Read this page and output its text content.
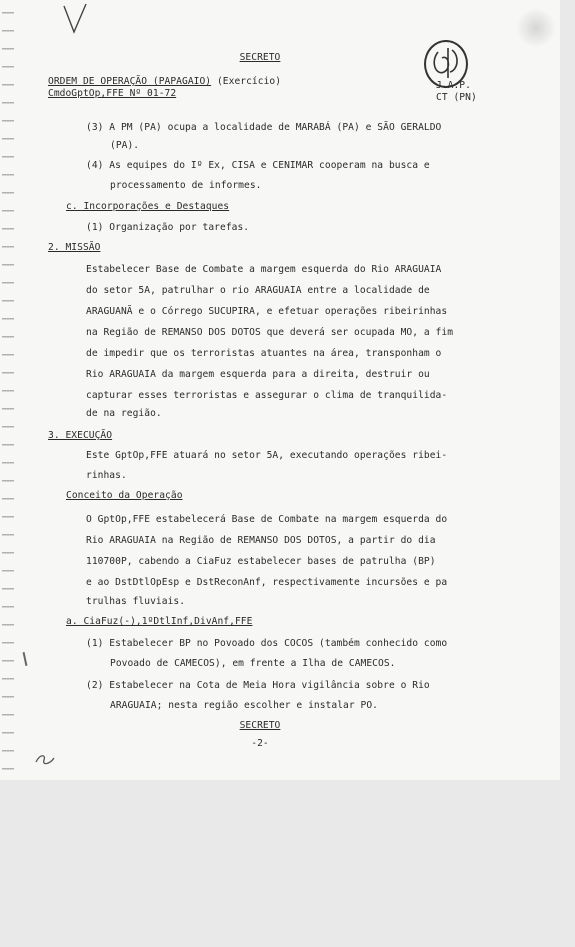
SECRETO
ORDEM DE OPERAÇÃO (PAPAGAIO) (Exercício)
CmdoGptOp,FFE Nº 01-72
J.A.P.
CT (PN)
(3) A PM (PA) ocupa a localidade de MARABÁ (PA) e SÃO GERALDO
(PA).
(4) As equipes do Iº Ex, CISA e CENIMAR cooperam na busca e
processamento de informes.
c. Incorporações e Destaques
(1) Organização por tarefas.
2. MISSÃO
Estabelecer Base de Combate a margem esquerda do Rio ARAGUAIA
do setor 5A, patrulhar o rio ARAGUAIA entre a localidade de
ARAGUANÃ e o Córrego SUCUPIRA, e efetuar operações ribeirinhas
na Região de REMANSO DOS DOTOS que deverá ser ocupada MO, a fim
de impedir que os terroristas atuantes na área, transponham o
Rio ARAGUAIA da margem esquerda para a direita, destruir ou
capturar esses terroristas e assegurar o clima de tranquilida-
de na região.
3. EXECUÇÃO
Este GptOp,FFE atuará no setor 5A, executando operações ribei-
rinhas.
Conceito da Operação
O GptOp,FFE estabelecerá Base de Combate na margem esquerda do
Rio ARAGUAIA na Região de REMANSO DOS DOTOS, a partir do dia
110700P, cabendo a CiaFuz estabelecer bases de patrulha (BP)
e ao DstDtlOpEsp e DstReconAnf, respectivamente incursões e pa
trulhas fluviais.
a. CiaFuz(-),1ºDtlInf,DivAnf,FFE
(1) Estabelecer BP no Povoado dos COCOS (também conhecido como
Povoado de CAMECOS), em frente a Ilha de CAMECOS.
(2) Estabelecer na Cota de Meia Hora vigilância sobre o Rio
ARAGUAIA; nesta região escolher e instalar PO.
SECRETO
-2-
